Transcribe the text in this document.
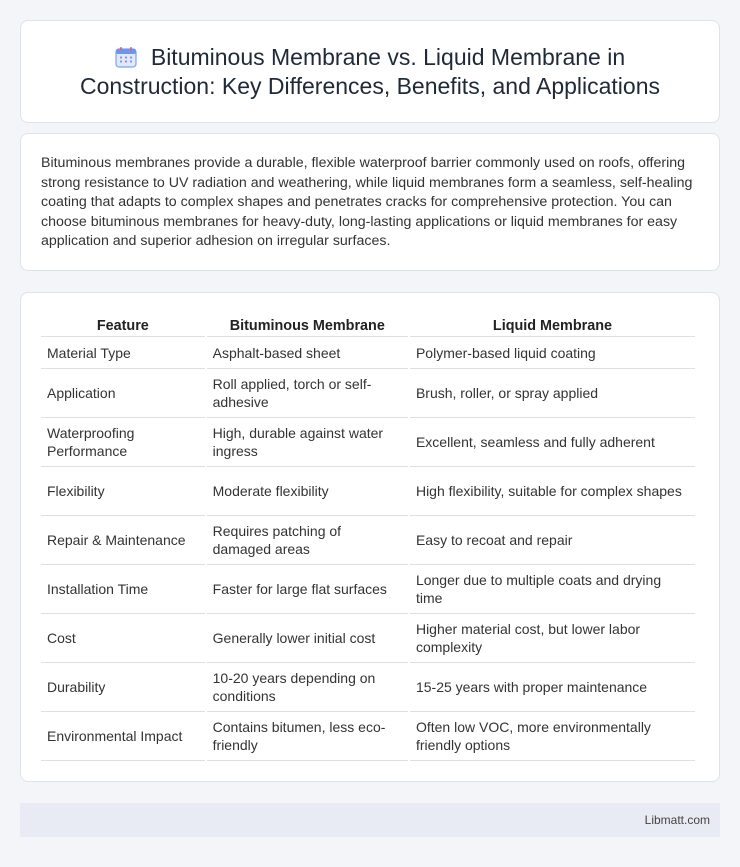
Bituminous Membrane vs. Liquid Membrane in Construction: Key Differences, Benefits, and Applications

Bituminous membranes provide a durable, flexible waterproof barrier commonly used on roofs, offering strong resistance to UV radiation and weathering, while liquid membranes form a seamless, self-healing coating that adapts to complex shapes and penetrates cracks for comprehensive protection. You can choose bituminous membranes for heavy-duty, long-lasting applications or liquid membranes for easy application and superior adhesion on irregular surfaces.

Feature	Bituminous Membrane	Liquid Membrane
Material Type	Asphalt-based sheet	Polymer-based liquid coating
Application	Roll applied, torch or self-adhesive	Brush, roller, or spray applied
Waterproofing Performance	High, durable against water ingress	Excellent, seamless and fully adherent
Flexibility	Moderate flexibility	High flexibility, suitable for complex shapes
Repair & Maintenance	Requires patching of damaged areas	Easy to recoat and repair
Installation Time	Faster for large flat surfaces	Longer due to multiple coats and drying time
Cost	Generally lower initial cost	Higher material cost, but lower labor complexity
Durability	10-20 years depending on conditions	15-25 years with proper maintenance
Environmental Impact	Contains bitumen, less eco-friendly	Often low VOC, more environmentally friendly options
Libmatt.com
